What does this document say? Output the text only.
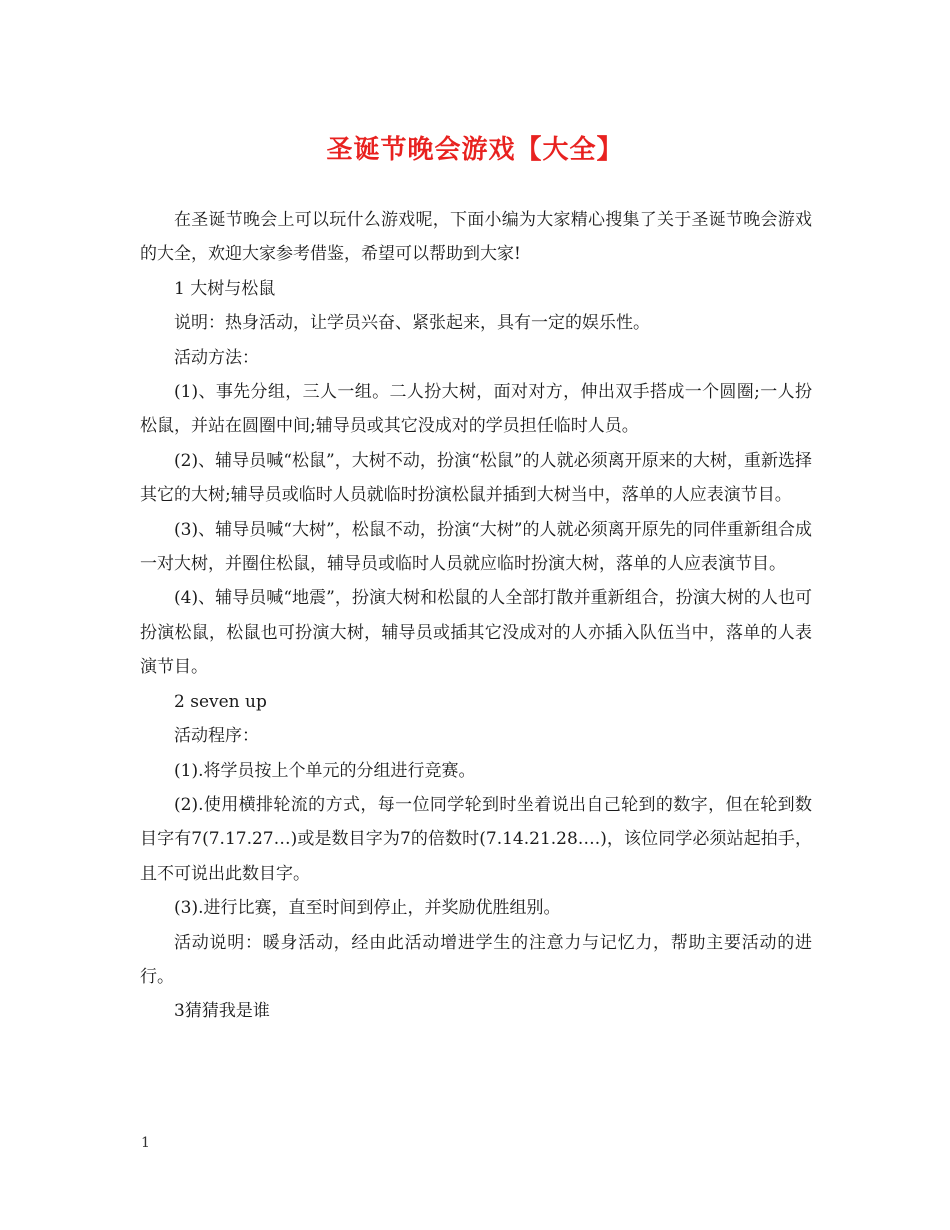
圣诞节晚会游戏【大全】

在圣诞节晚会上可以玩什么游戏呢，下面小编为大家精心搜集了关于圣诞节晚会游戏的大全，欢迎大家参考借鉴，希望可以帮助到大家!

1 大树与松鼠

说明：热身活动，让学员兴奋、紧张起来，具有一定的娱乐性。

活动方法：

(1)、事先分组，三人一组。二人扮大树，面对对方，伸出双手搭成一个圆圈;一人扮松鼠，并站在圆圈中间;辅导员或其它没成对的学员担任临时人员。

(2)、辅导员喊“松鼠”，大树不动，扮演“松鼠”的人就必须离开原来的大树，重新选择其它的大树;辅导员或临时人员就临时扮演松鼠并插到大树当中，落单的人应表演节目。

(3)、辅导员喊“大树”，松鼠不动，扮演“大树”的人就必须离开原先的同伴重新组合成一对大树，并圈住松鼠，辅导员或临时人员就应临时扮演大树，落单的人应表演节目。

(4)、辅导员喊“地震”，扮演大树和松鼠的人全部打散并重新组合，扮演大树的人也可扮演松鼠，松鼠也可扮演大树，辅导员或插其它没成对的人亦插入队伍当中，落单的人表演节目。

2 seven up

活动程序：

(1).将学员按上个单元的分组进行竞赛。

(2).使用横排轮流的方式，每一位同学轮到时坐着说出自己轮到的数字，但在轮到数目字有7(7.17.27…)或是数目字为7的倍数时(7.14.21.28….)，该位同学必须站起拍手，且不可说出此数目字。

(3).进行比赛，直至时间到停止，并奖励优胜组别。

活动说明：暖身活动，经由此活动增进学生的注意力与记忆力，帮助主要活动的进行。

3猜猜我是谁

1
